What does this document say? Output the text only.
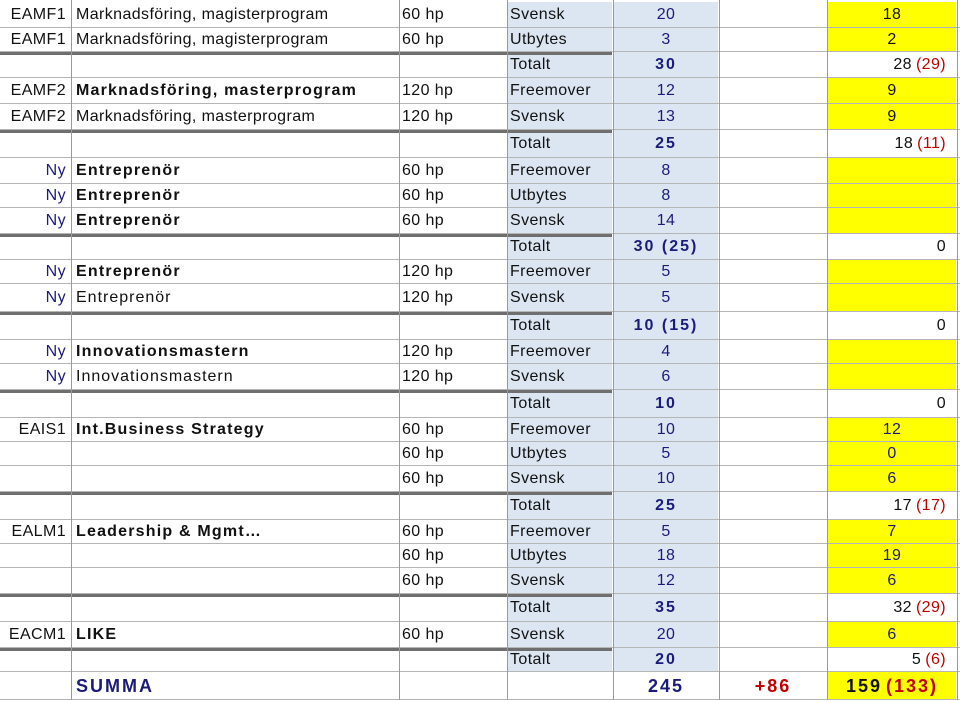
EAMF1 Marknadsföring, magisterprogram	60 hp	Svensk	20	18
EAMF1 Marknadsföring, magisterprogram	60 hp	Utbytes	3	2
Totalt	30	28 (29)
EAMF2 Marknadsföring, masterprogram	120 hp	Freemover	12	9
EAMF2 Marknadsföring, masterprogram	120 hp	Svensk	13	9
Totalt	25	18 (11)
Ny Entreprenör	60 hp	Freemover	8
Ny Entreprenör	60 hp	Utbytes	8
Ny Entreprenör	60 hp	Svensk	14
Totalt	30 (25)	0
Ny Entreprenör	120 hp	Freemover	5
Ny Entreprenör	120 hp	Svensk	5
Totalt	10 (15)	0
Ny Innovationsmastern	120 hp	Freemover	4
Ny Innovationsmastern	120 hp	Svensk	6
Totalt	10	0
EAIS1 Int.Business Strategy	60 hp	Freemover	10	12
60 hp	Utbytes	5	0
60 hp	Svensk	10	6
Totalt	25	17 (17)
EALM1 Leadership & Mgmt…	60 hp	Freemover	5	7
60 hp	Utbytes	18	19
60 hp	Svensk	12	6
Totalt	35	32 (29)
EACM1 LIKE	60 hp	Svensk	20	6
Totalt	20	5 (6)
SUMMA	245	+86	159 (133)
